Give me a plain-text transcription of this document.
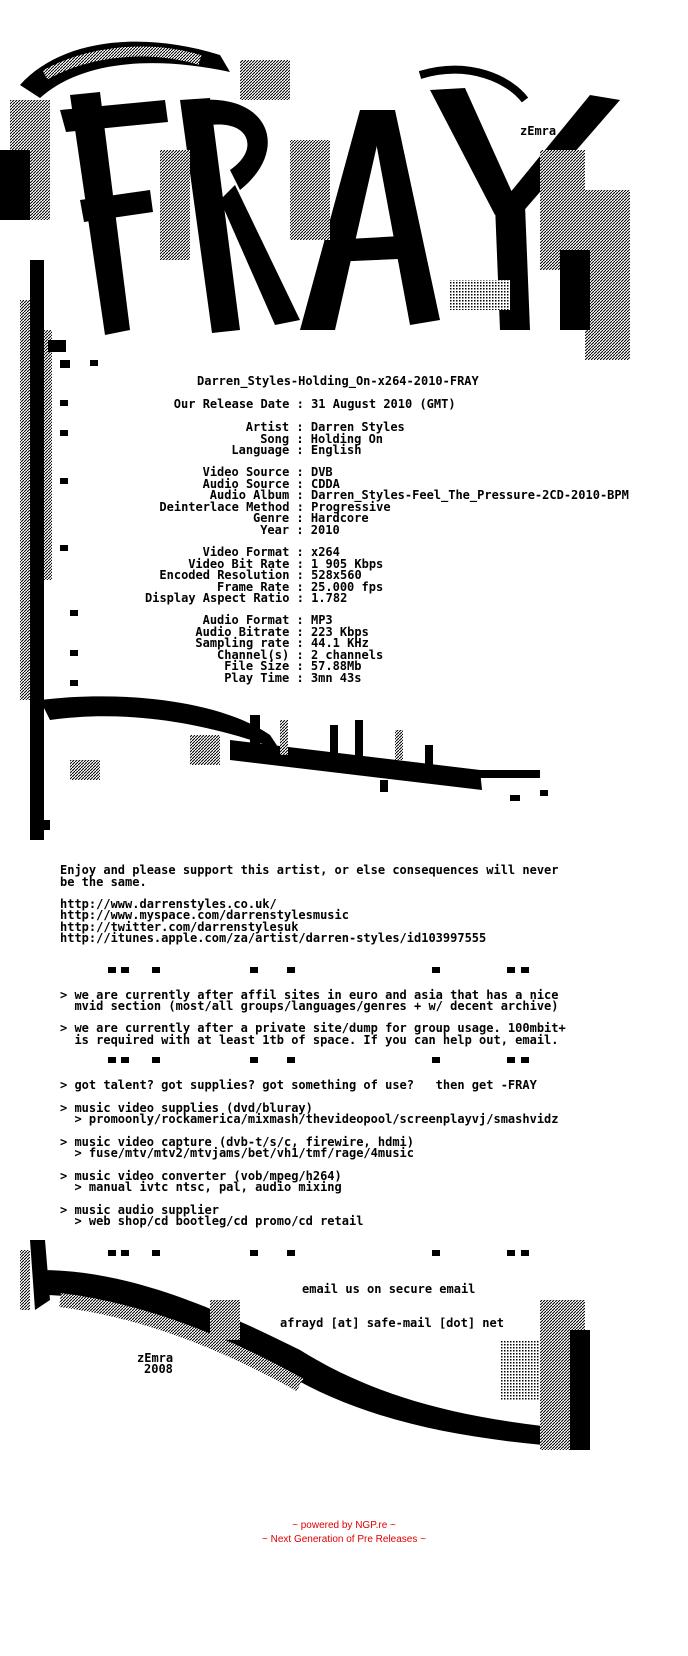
zEmra
Darren_Styles-Holding_On-x264-2010-FRAY
Our Release Date : 31 August 2010 (GMT)
Artist : Darren Styles
Song : Holding On
Language : English
Video Source : DVB
Audio Source : CDDA
Audio Album : Darren_Styles-Feel_The_Pressure-2CD-2010-BPM
Deinterlace Method : Progressive
Genre : Hardcore
Year : 2010
Video Format : x264
Video Bit Rate : 1 905 Kbps
Encoded Resolution : 528x560
Frame Rate : 25.000 fps
Display Aspect Ratio : 1.782
Audio Format : MP3
Audio Bitrate : 223 Kbps
Sampling rate : 44.1 KHz
Channel(s) : 2 channels
File Size : 57.88Mb
Play Time : 3mn 43s
Enjoy and please support this artist, or else consequences will never
be the same.
http://www.darrenstyles.co.uk/
http://www.myspace.com/darrenstylesmusic
http://twitter.com/darrenstylesuk
http://itunes.apple.com/za/artist/darren-styles/id103997555
> we are currently after affil sites in euro and asia that has a nice
mvid section (most/all groups/languages/genres + w/ decent archive)
> we are currently after a private site/dump for group usage. 100mbit+
is required with at least 1tb of space. If you can help out, email.
> got talent? got supplies? got something of use?   then get -FRAY
> music video supplies (dvd/bluray)
> promoonly/rockamerica/mixmash/thevideopool/screenplayvj/smashvidz
> music video capture (dvb-t/s/c, firewire, hdmi)
> fuse/mtv/mtv2/mtvjams/bet/vh1/tmf/rage/4music
> music video converter (vob/mpeg/h264)
> manual ivtc ntsc, pal, audio mixing
> music audio supplier
> web shop/cd bootleg/cd promo/cd retail
email us on secure email
afrayd [at] safe-mail [dot] net
zEmra
2008
~ powered by NGP.re ~
~ Next Generation of Pre Releases ~
